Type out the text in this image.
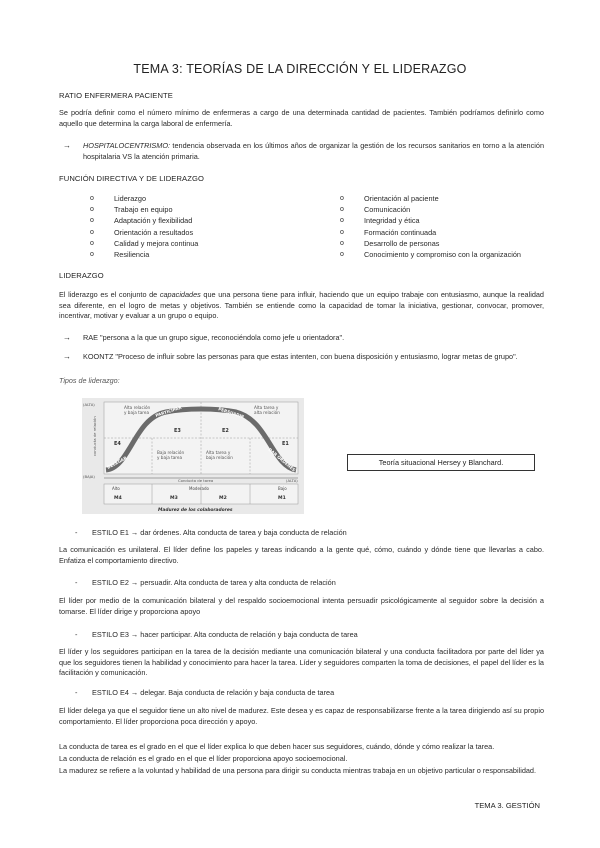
TEMA 3: TEORÍAS DE LA DIRECCIÓN Y EL LIDERAZGO
RATIO ENFERMERA PACIENTE
Se podría definir como el número mínimo de enfermeras a cargo de una determinada cantidad de pacientes. También podríamos definirlo como aquello que determina la carga laboral de enfermería.
→ HOSPITALOCENTRISMO: tendencia observada en los últimos años de organizar la gestión de los recursos sanitarios en torno a la atención hospitalaria VS la atención primaria.
FUNCIÓN DIRECTIVA Y DE LIDERAZGO
o	Liderazgo
o	Trabajo en equipo
o	Adaptación y flexibilidad
o	Orientación a resultados
o	Calidad y mejora continua
o	Resiliencia
o	Orientación al paciente
o	Comunicación
o	Integridad y ética
o	Formación continuada
o	Desarrollo de personas
o	Conocimiento y compromiso con la organización
LIDERAZGO
El liderazgo es el conjunto de capacidades que una persona tiene para influir, haciendo que un equipo trabaje con entusiasmo, aunque la realidad sea diferente, en el logro de metas y objetivos. También se entiende como la capacidad de tomar la iniciativa, gestionar, convocar, promover, incentivar, motivar y evaluar a un grupo o equipo.
→ RAE "persona a la que un grupo sigue, reconociéndola como jefe u orientadora".
→ KOONTZ "Proceso de influir sobre las personas para que estas intenten, con buena disposición y entusiasmo, lograr metas de grupo".
Tipos de liderazgo:
Alta relación
y baja tarea
Alta tarea y
alta relación
Baja relación
y baja tarea
Alta tarea y
baja relación
E4
E3	E2
E1
PARTICIPAR	PERSUADIR
DELEGAR	DAR ÓRDENES
(ALTA)
(BAJA)
conducta de relación
Conducta de tarea	(ALTA)
Alto	Moderado	Bajo
M4	M3	M2	M1
Madurez de los colaboradores
Teoría situacional Hersey y Blanchard.
- ESTILO E1 → dar órdenes. Alta conducta de tarea y baja conducta de relación
La comunicación es unilateral. El líder define los papeles y tareas indicando a la gente qué, cómo, cuándo y dónde tiene que llevarlas a cabo. Enfatiza el comportamiento directivo.
- ESTILO E2 → persuadir. Alta conducta de tarea y alta conducta de relación
El líder por medio de la comunicación bilateral y del respaldo socioemocional intenta persuadir psicológicamente al seguidor sobre la decisión a tomarse. El líder dirige y proporciona apoyo
- ESTILO E3 → hacer participar. Alta conducta de relación y baja conducta de tarea
El líder y los seguidores participan en la tarea de la decisión mediante una comunicación bilateral y una conducta facilitadora por parte del líder ya que los seguidores tienen la habilidad y conocimiento para hacer la tarea. Líder y seguidores comparten la toma de decisiones, el papel del líder es la facilitación y comunicación.
- ESTILO E4 → delegar. Baja conducta de relación y baja conducta de tarea
El líder delega ya que el seguidor tiene un alto nivel de madurez. Este desea y es capaz de responsabilizarse frente a la tarea dirigiendo así su propio comportamiento. El líder proporciona poca dirección y apoyo.
La conducta de tarea es el grado en el que el líder explica lo que deben hacer sus seguidores, cuándo, dónde y cómo realizar la tarea.
La conducta de relación es el grado en el que el líder proporciona apoyo socioemocional.
La madurez se refiere a la voluntad y habilidad de una persona para dirigir su conducta mientras trabaja en un objetivo particular o responsabilidad.
TEMA 3. GESTIÓN
